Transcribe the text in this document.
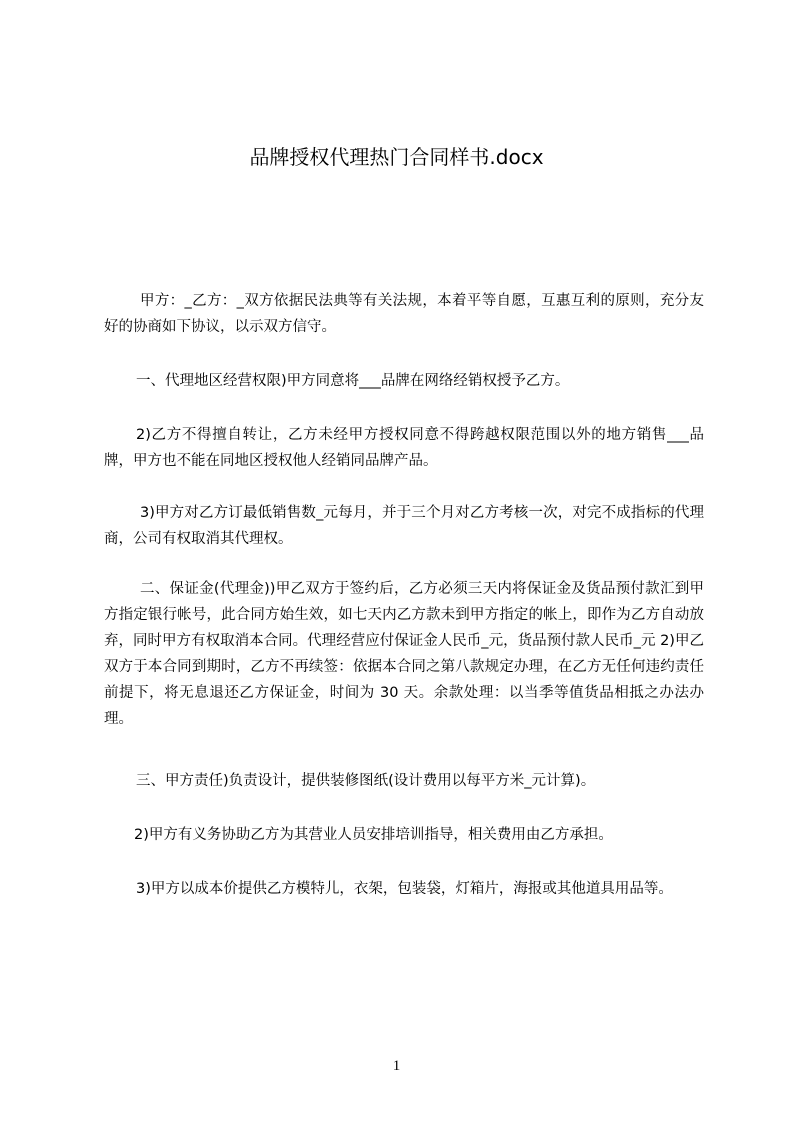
品牌授权代理热门合同样书.docx

甲方：_乙方：_双方依据民法典等有关法规，本着平等自愿，互惠互利的原则，充分友好的协商如下协议，以示双方信守。

一、代理地区经营权限)甲方同意将___品牌在网络经销权授予乙方。

2)乙方不得擅自转让，乙方未经甲方授权同意不得跨越权限范围以外的地方销售___品牌，甲方也不能在同地区授权他人经销同品牌产品。

3)甲方对乙方订最低销售数_元每月，并于三个月对乙方考核一次，对完不成指标的代理商，公司有权取消其代理权。

二、保证金(代理金))甲乙双方于签约后，乙方必须三天内将保证金及货品预付款汇到甲方指定银行帐号，此合同方始生效，如七天内乙方款未到甲方指定的帐上，即作为乙方自动放弃，同时甲方有权取消本合同。代理经营应付保证金人民币_元，货品预付款人民币_元 2)甲乙双方于本合同到期时，乙方不再续签：依据本合同之第八款规定办理，在乙方无任何违约责任前提下，将无息退还乙方保证金，时间为 30 天。余款处理：以当季等值货品相抵之办法办理。

三、甲方责任)负责设计，提供装修图纸(设计费用以每平方米_元计算)。

2)甲方有义务协助乙方为其营业人员安排培训指导，相关费用由乙方承担。

3)甲方以成本价提供乙方模特儿，衣架，包装袋，灯箱片，海报或其他道具用品等。

1
